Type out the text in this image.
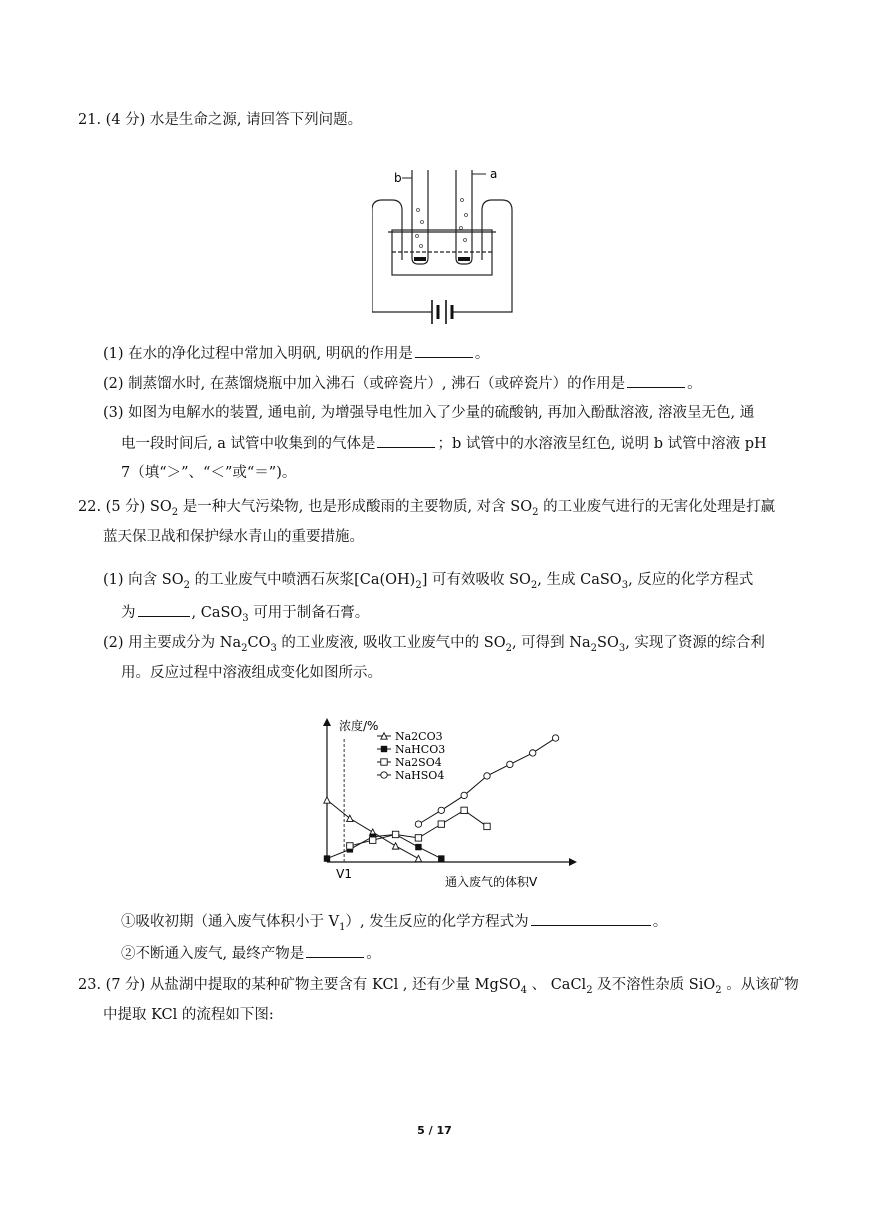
21. (4 分) 水是生命之源, 请回答下列问题。
b	a
(1) 在水的净化过程中常加入明矾, 明矾的作用是	。
(2) 制蒸馏水时, 在蒸馏烧瓶中加入沸石（或碎瓷片）, 沸石（或碎瓷片）的作用是	。
(3) 如图为电解水的装置, 通电前, 为增强导电性加入了少量的硫酸钠, 再加入酚酞溶液, 溶液呈无色, 通
电一段时间后, a 试管中收集到的气体是	；b 试管中的水溶液呈红色, 说明 b 试管中溶液 pH
7（填“＞”、“＜”或“＝”)。
22. (5 分) $SO_2$ 是一种大气污染物, 也是形成酸雨的主要物质, 对含 $SO_2$ 的工业废气进行的无害化处理是打赢
蓝天保卫战和保护绿水青山的重要措施。
(1) 向含 $SO_2$ 的工业废气中喷洒石灰浆$[Ca(OH)_2]$ 可有效吸收 $SO_2$, 生成 CaSO$_3$, 反应的化学方程式
为	, CaSO$_3$ 可用于制备石膏。
(2) 用主要成分为 $Na_2CO_3$ 的工业废液, 吸收工业废气中的 $SO_2$, 可得到 $Na_2SO_3$, 实现了资源的综合利
用。反应过程中溶液组成变化如图所示。
V1
浓度/%
通入废气的体积V
Na2CO3
NaHCO3
Na2SO4
NaHSO4
①吸收初期（通入废气体积小于 $V_1$）, 发生反应的化学方程式为	。
②不断通入废气, 最终产物是	。
23. (7 分) 从盐湖中提取的某种矿物主要含有 KCl , 还有少量 MgSO$_4$ 、 CaCl$_2$ 及不溶性杂质 SiO$_2$ 。从该矿物
中提取 KCl 的流程如下图:
5 / 17
